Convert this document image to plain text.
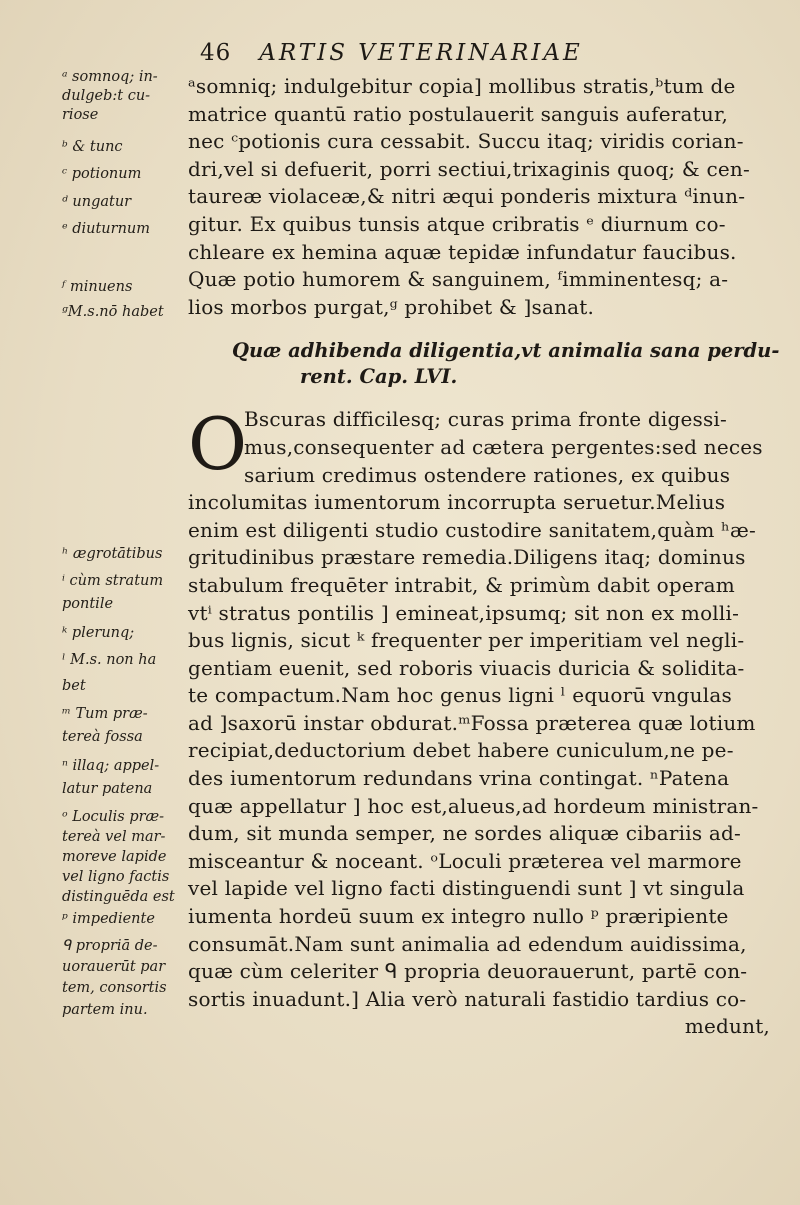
46 ARTIS VETERINARIAE

ᵃsomniq; indulgebitur copia] mollibus stratis,ᵇtum de

matrice quantū ratio postulauerit sanguis auferatur,

nec ᶜpotionis cura cessabit. Succu itaq; viridis corian-

dri,vel si defuerit, porri sectiui,trixaginis quoq; & cen-

taureæ violaceæ,& nitri æqui ponderis mixtura ᵈinun-

gitur. Ex quibus tunsis atque cribratis ᵉ diurnum co-

chleare ex hemina aquæ tepidæ infundatur faucibus.

Quæ potio humorem & sanguinem, ᶠimminentesq; a-

lios morbos purgat,ᵍ prohibet & ]sanat.

Quæ adhibenda diligentia,vt animalia sana perdu-

rent. Cap. LVI.

O

Bscuras difficilesq; curas prima fronte digessi-

mus,consequenter ad cætera pergentes:sed neces

sarium credimus ostendere rationes, ex quibus

incolumitas iumentorum incorrupta seruetur.Melius

enim est diligenti studio custodire sanitatem,quàm ʰæ-

gritudinibus præstare remedia.Diligens itaq; dominus

stabulum frequēter intrabit, & primùm dabit operam

vtⁱ stratus pontilis ] emineat,ipsumq; sit non ex molli-

bus lignis, sicut ᵏ frequenter per imperitiam vel negli-

gentiam euenit, sed roboris viuacis duricia & solidita-

te compactum.Nam hoc genus ligni ˡ equorū vngulas

ad ]saxorū instar obdurat.ᵐFossa præterea quæ lotium

recipiat,deductorium debet habere cuniculum,ne pe-

des iumentorum redundans vrina contingat. ⁿPatena

quæ appellatur ] hoc est,alueus,ad hordeum ministran-

dum, sit munda semper, ne sordes aliquæ cibariis ad-

misceantur & noceant. ᵒLoculi præterea vel marmore

vel lapide vel ligno facti distinguendi sunt ] vt singula

iumenta hordeū suum ex integro nullo ᵖ præripiente

consumāt.Nam sunt animalia ad edendum auidissima,

quæ cùm celeriter ᑫ propria deuorauerunt, partē con-

sortis inuadunt.] Alia verò naturali fastidio tardius co-

medunt,

ᵃ somnoq; in-
dulgeb:t cu-
riose
ᵇ & tunc
ᶜ potionum
ᵈ ungatur
ᵉ diuturnum
ᶠ minuens
ᵍM.s.nō habet
ʰ ægrotātibus
ⁱ cùm stratum
pontile
ᵏ plerunq;
ˡ M.s. non ha
bet
ᵐ Tum præ-
tereà fossa
ⁿ illaq; appel-
latur patena
ᵒ Loculis præ-
tereà vel mar-
moreve lapide
vel ligno factis
distinguēda est
ᵖ impediente
ᑫ propriā de-
uorauerūt par
tem, consortis
partem inu.
